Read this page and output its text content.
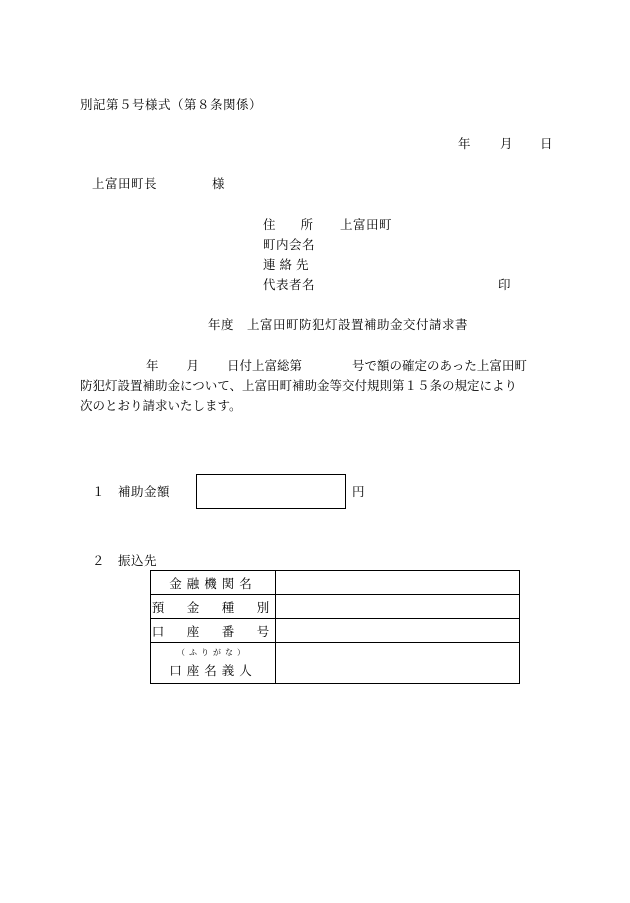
別記第５号様式（第８条関係）
年 月 日
上富田町長	様
住　　所 上富田町
町内会名
連 絡 先
代表者名	印
年度　上富田町防犯灯設置補助金交付請求書
年 月 日付上富総第	号で額の確定のあった上富田町
防犯灯設置補助金について、上富田町補助金等交付規則第１５条の規定により
次のとおり請求いたします。
１　補助金額	円
２　振込先
金融機関名	
預　金　種　別	
口　座　番　号	

（ふりがな）
口座名義人	
